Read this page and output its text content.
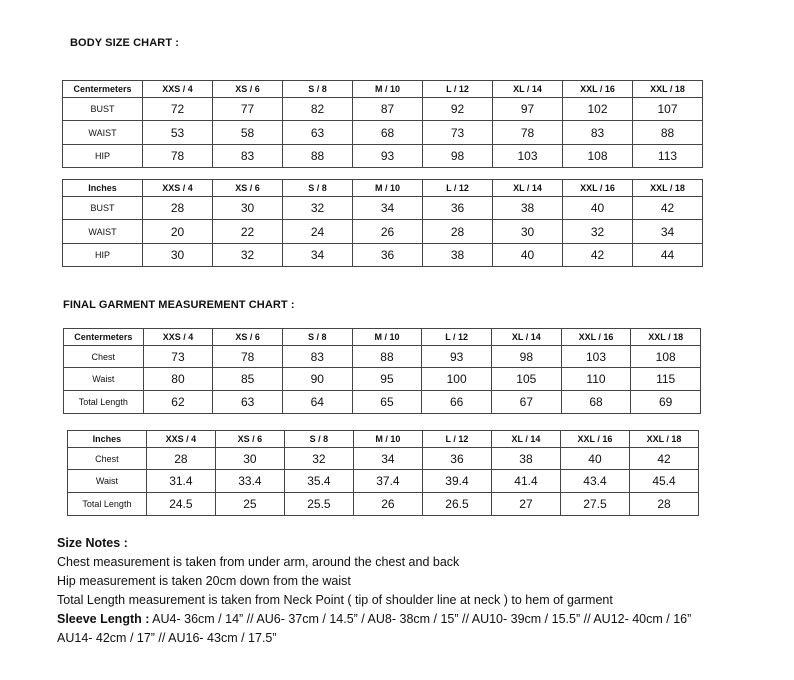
BODY SIZE CHART :
Centermeters	XXS / 4	XS / 6	S / 8	M / 10	L / 12	XL / 14	XXL / 16	XXL / 18
BUST	72	77	82	87	92	97	102	107
WAIST	53	58	63	68	73	78	83	88
HIP	78	83	88	93	98	103	108	113
Inches	XXS / 4	XS / 6	S / 8	M / 10	L / 12	XL / 14	XXL / 16	XXL / 18
BUST	28	30	32	34	36	38	40	42
WAIST	20	22	24	26	28	30	32	34
HIP	30	32	34	36	38	40	42	44
FINAL GARMENT MEASUREMENT CHART :
Centermeters	XXS / 4	XS / 6	S / 8	M / 10	L / 12	XL / 14	XXL / 16	XXL / 18
Chest	73	78	83	88	93	98	103	108
Waist	80	85	90	95	100	105	110	115
Total Length	62	63	64	65	66	67	68	69
Inches	XXS / 4	XS / 6	S / 8	M / 10	L / 12	XL / 14	XXL / 16	XXL / 18
Chest	28	30	32	34	36	38	40	42
Waist	31.4	33.4	35.4	37.4	39.4	41.4	43.4	45.4
Total Length	24.5	25	25.5	26	26.5	27	27.5	28
Size Notes :
Chest measurement is taken from under arm, around the chest and back
Hip measurement is taken 20cm down from the waist
Total Length measurement is taken from Neck Point ( tip of shoulder line at neck ) to hem of garment
Sleeve Length : AU4- 36cm / 14” // AU6- 37cm / 14.5” / AU8- 38cm / 15” // AU10- 39cm / 15.5” // AU12- 40cm / 16”
AU14- 42cm / 17” // AU16- 43cm / 17.5”
